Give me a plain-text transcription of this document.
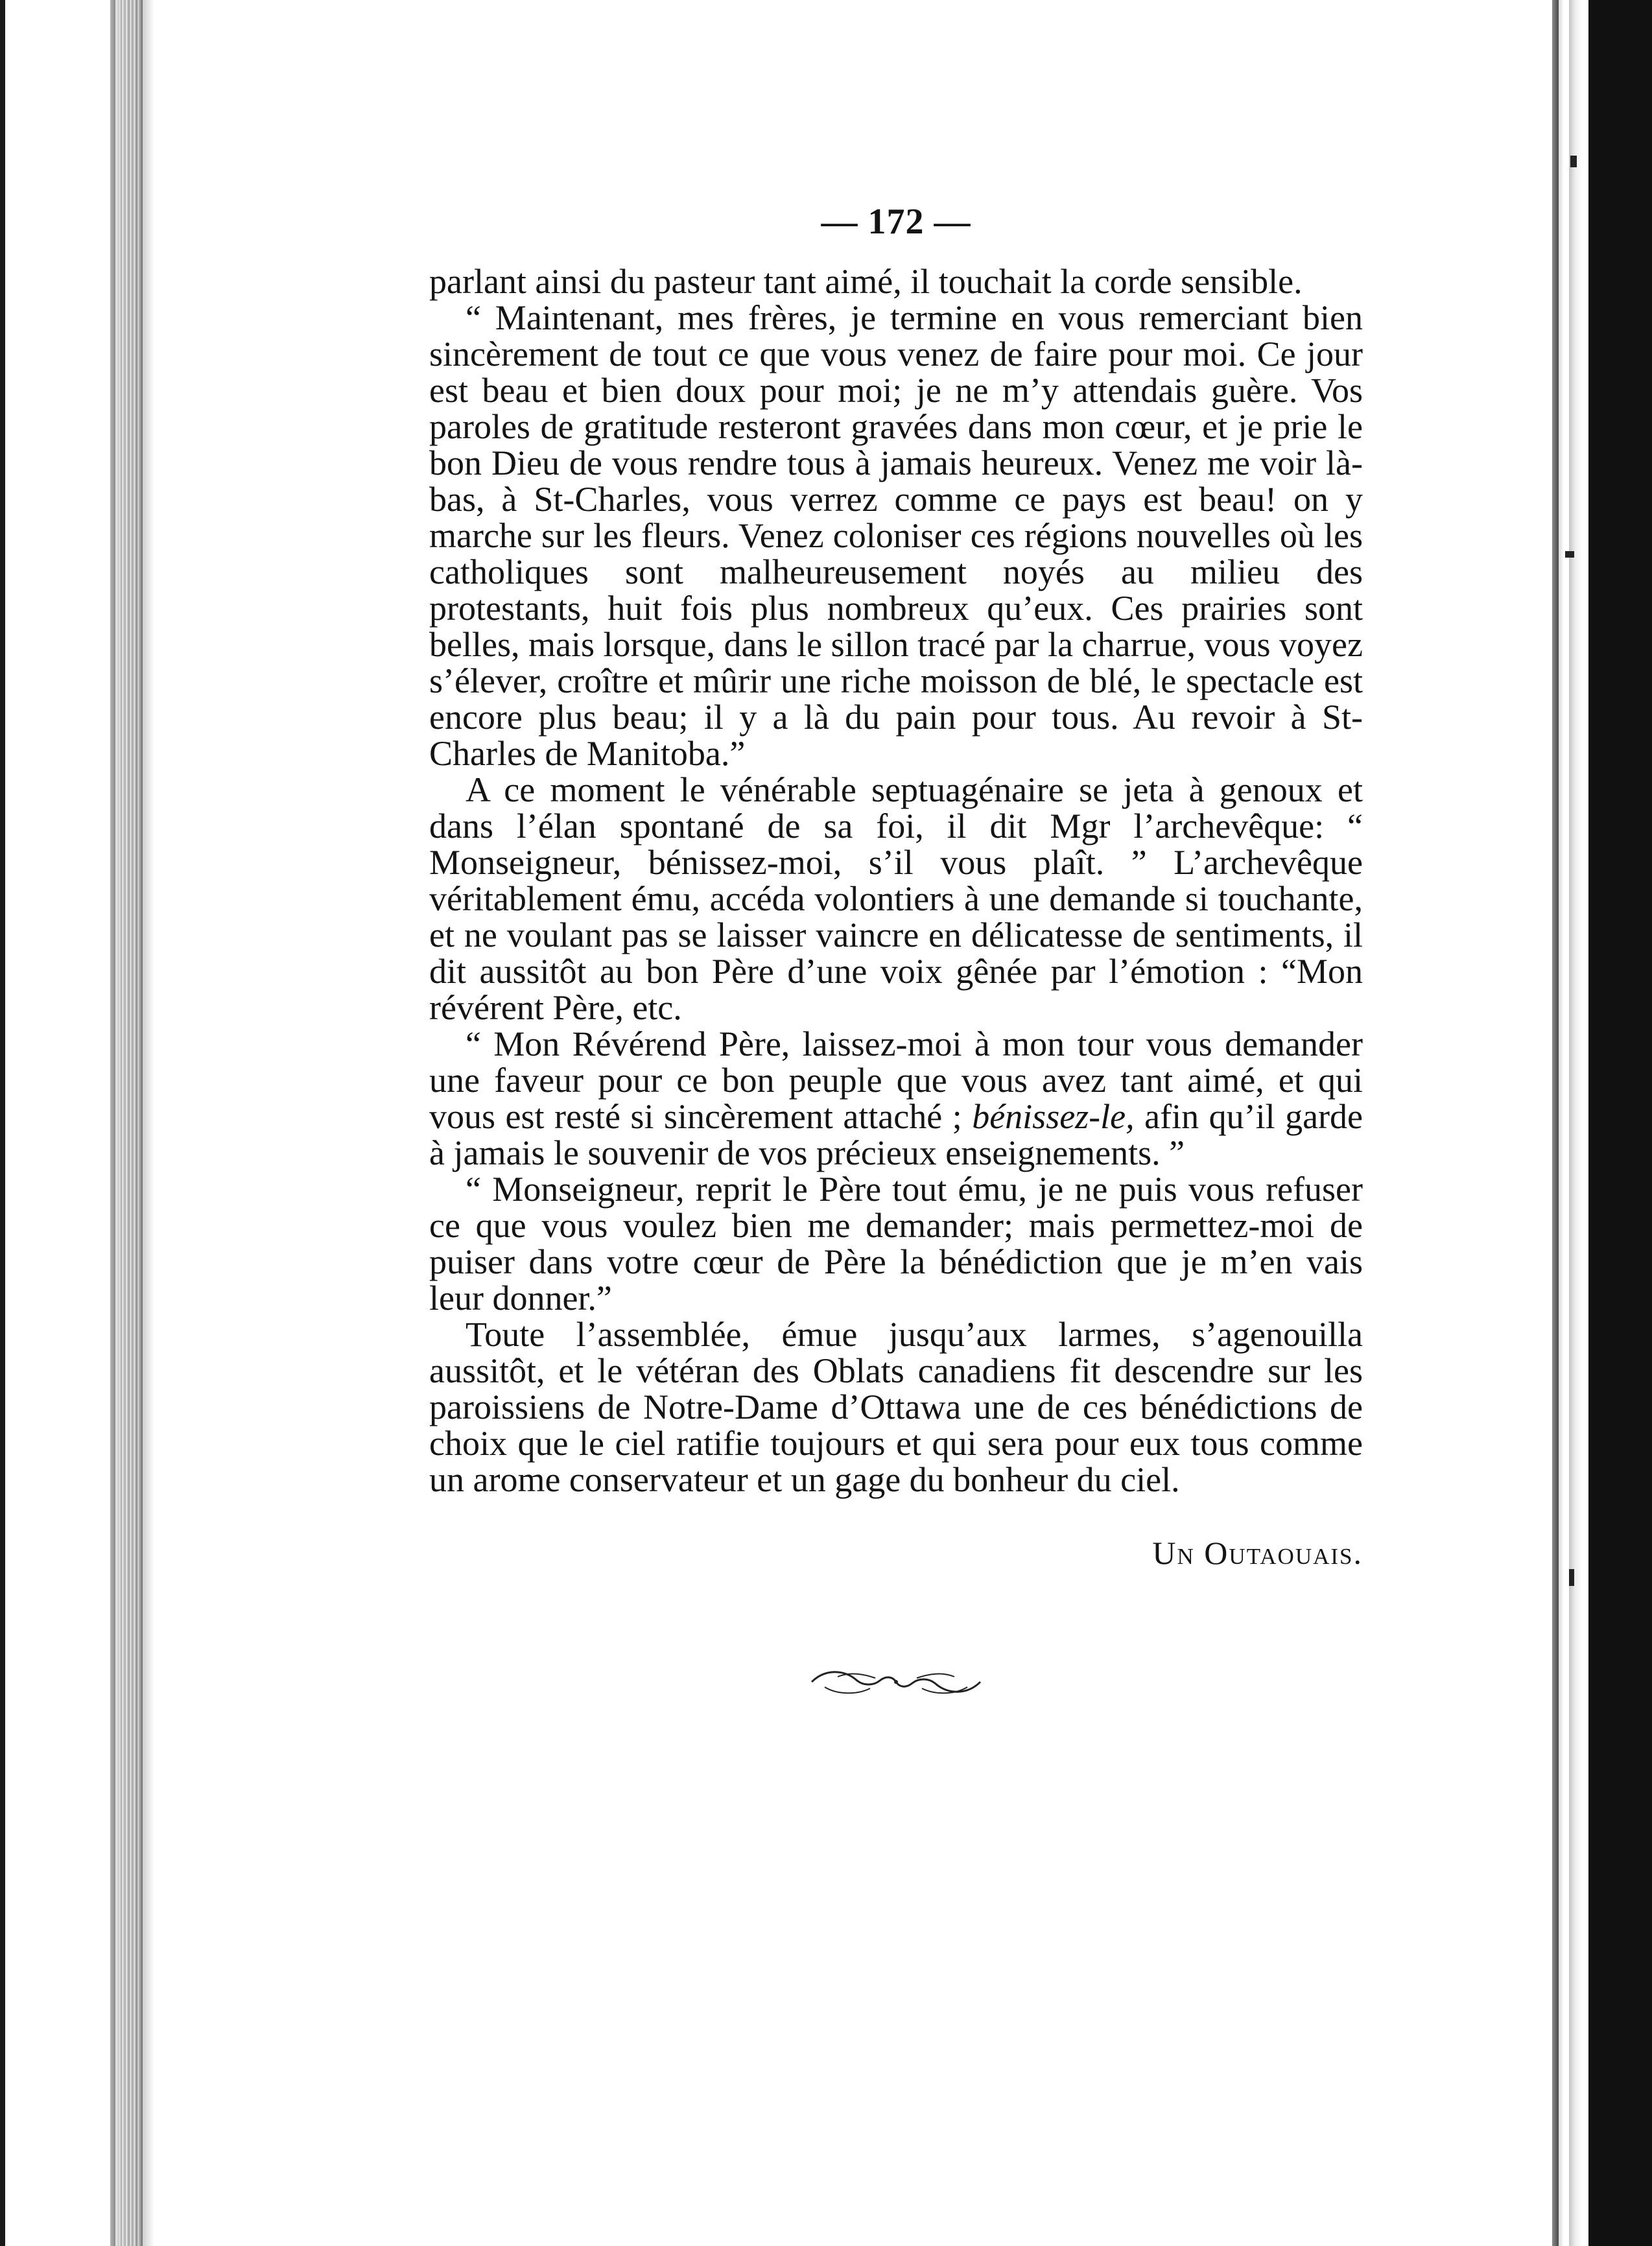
— 172 —

parlant ainsi du pasteur tant aimé, il touchait la corde sensible.

“ Maintenant, mes frères, je termine en vous remerciant bien sincèrement de tout ce que vous venez de faire pour moi. Ce jour est beau et bien doux pour moi; je ne m’y attendais guère. Vos paroles de gratitude resteront gravées dans mon cœur, et je prie le bon Dieu de vous rendre tous à jamais heureux. Venez me voir là-bas, à St-Charles, vous verrez comme ce pays est beau! on y marche sur les fleurs. Venez coloniser ces régions nouvelles où les catholiques sont malheureusement noyés au milieu des protestants, huit fois plus nombreux qu’eux. Ces prairies sont belles, mais lorsque, dans le sillon tracé par la charrue, vous voyez s’élever, croître et mûrir une riche moisson de blé, le spectacle est encore plus beau; il y a là du pain pour tous. Au revoir à St-Charles de Manitoba.”

A ce moment le vénérable septuagénaire se jeta à genoux et dans l’élan spontané de sa foi, il dit Mgr l’archevêque: “ Monseigneur, bénissez-moi, s’il vous plaît. ” L’archevêque véritablement ému, accéda volontiers à une demande si touchante, et ne voulant pas se laisser vaincre en délicatesse de sentiments, il dit aussitôt au bon Père d’une voix gênée par l’émotion : “Mon révérent Père, etc.

“ Mon Révérend Père, laissez-moi à mon tour vous demander une faveur pour ce bon peuple que vous avez tant aimé, et qui vous est resté si sincèrement attaché ; bénissez-le, afin qu’il garde à jamais le souvenir de vos précieux enseignements. ”

“ Monseigneur, reprit le Père tout ému, je ne puis vous refuser ce que vous voulez bien me demander; mais permettez-moi de puiser dans votre cœur de Père la bénédiction que je m’en vais leur donner.”

Toute l’assemblée, émue jusqu’aux larmes, s’agenouilla aussitôt, et le vétéran des Oblats canadiens fit descendre sur les paroissiens de Notre-Dame d’Ottawa une de ces bénédictions de choix que le ciel ratifie toujours et qui sera pour eux tous comme un arome conservateur et un gage du bonheur du ciel.

Un Outaouais.
